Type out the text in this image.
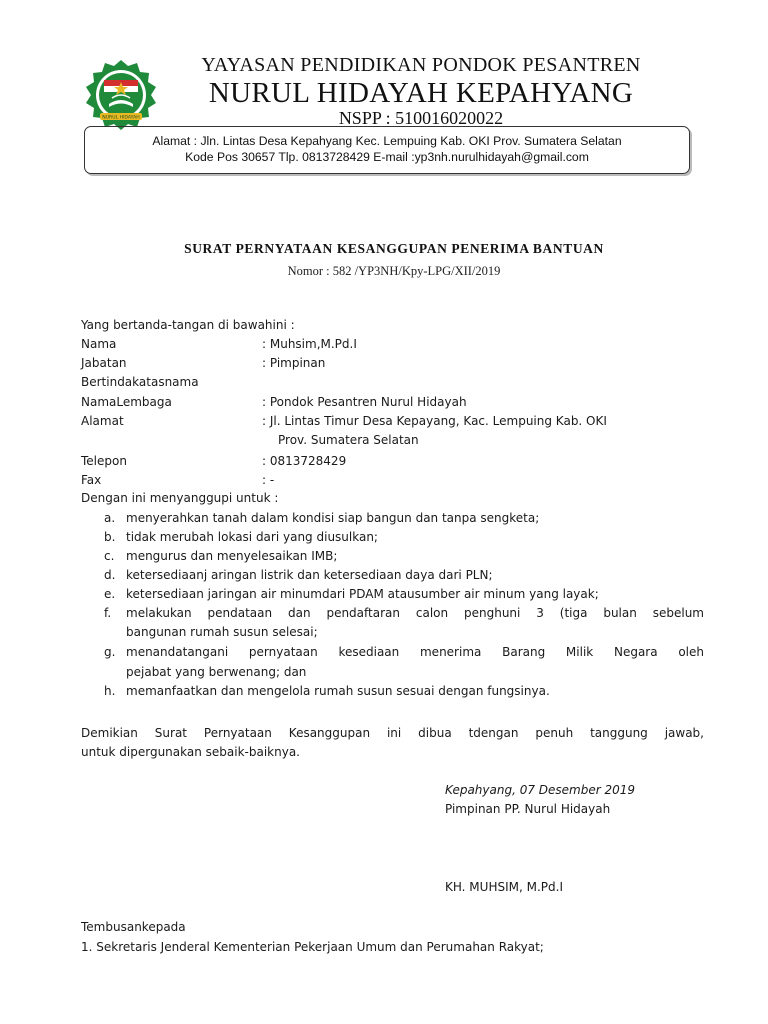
NURUL HIDAYAH
YAYASAN PENDIDIKAN PONDOK PESANTREN
NURUL HIDAYAH KEPAHYANG
NSPP : 510016020022
Alamat : Jln. Lintas Desa Kepahyang Kec. Lempuing Kab. OKI Prov. Sumatera Selatan
Kode Pos 30657 Tlp. 0813728429 E-mail :yp3nh.nurulhidayah@gmail.com
SURAT PERNYATAAN KESANGGUPAN PENERIMA BANTUAN
Nomor : 582 /YP3NH/Kpy-LPG/XII/2019
Yang bertanda-tangan di bawahini :
Nama	: Muhsim,M.Pd.I
Jabatan	: Pimpinan
Bertindakatasnama
NamaLembaga	: Pondok Pesantren Nurul Hidayah
Alamat	: Jl. Lintas Timur Desa Kepayang, Kac. Lempuing Kab. OKI
Prov. Sumatera Selatan
Telepon	: 0813728429
Fax	: -
Dengan ini menyanggupi untuk :
a. menyerahkan tanah dalam kondisi siap bangun dan tanpa sengketa;
b. tidak merubah lokasi dari yang diusulkan;
c. mengurus dan menyelesaikan IMB;
d. ketersediaanj aringan listrik dan ketersediaan daya dari PLN;
e. ketersediaan jaringan air minumdari PDAM atausumber air minum yang layak;
f. melakukan pendataan dan pendaftaran calon penghuni 3 (tiga bulan sebelum
bangunan rumah susun selesai;
g. menandatangani pernyataan kesediaan menerima Barang Milik Negara oleh
pejabat yang berwenang; dan
h. memanfaatkan dan mengelola rumah susun sesuai dengan fungsinya.
Demikian Surat Pernyataan Kesanggupan ini dibua tdengan penuh tanggung jawab,
untuk dipergunakan sebaik-baiknya.
Kepahyang, 07 Desember 2019
Pimpinan PP. Nurul Hidayah
KH. MUHSIM, M.Pd.I
Tembusankepada
1. Sekretaris Jenderal Kementerian Pekerjaan Umum dan Perumahan Rakyat;
